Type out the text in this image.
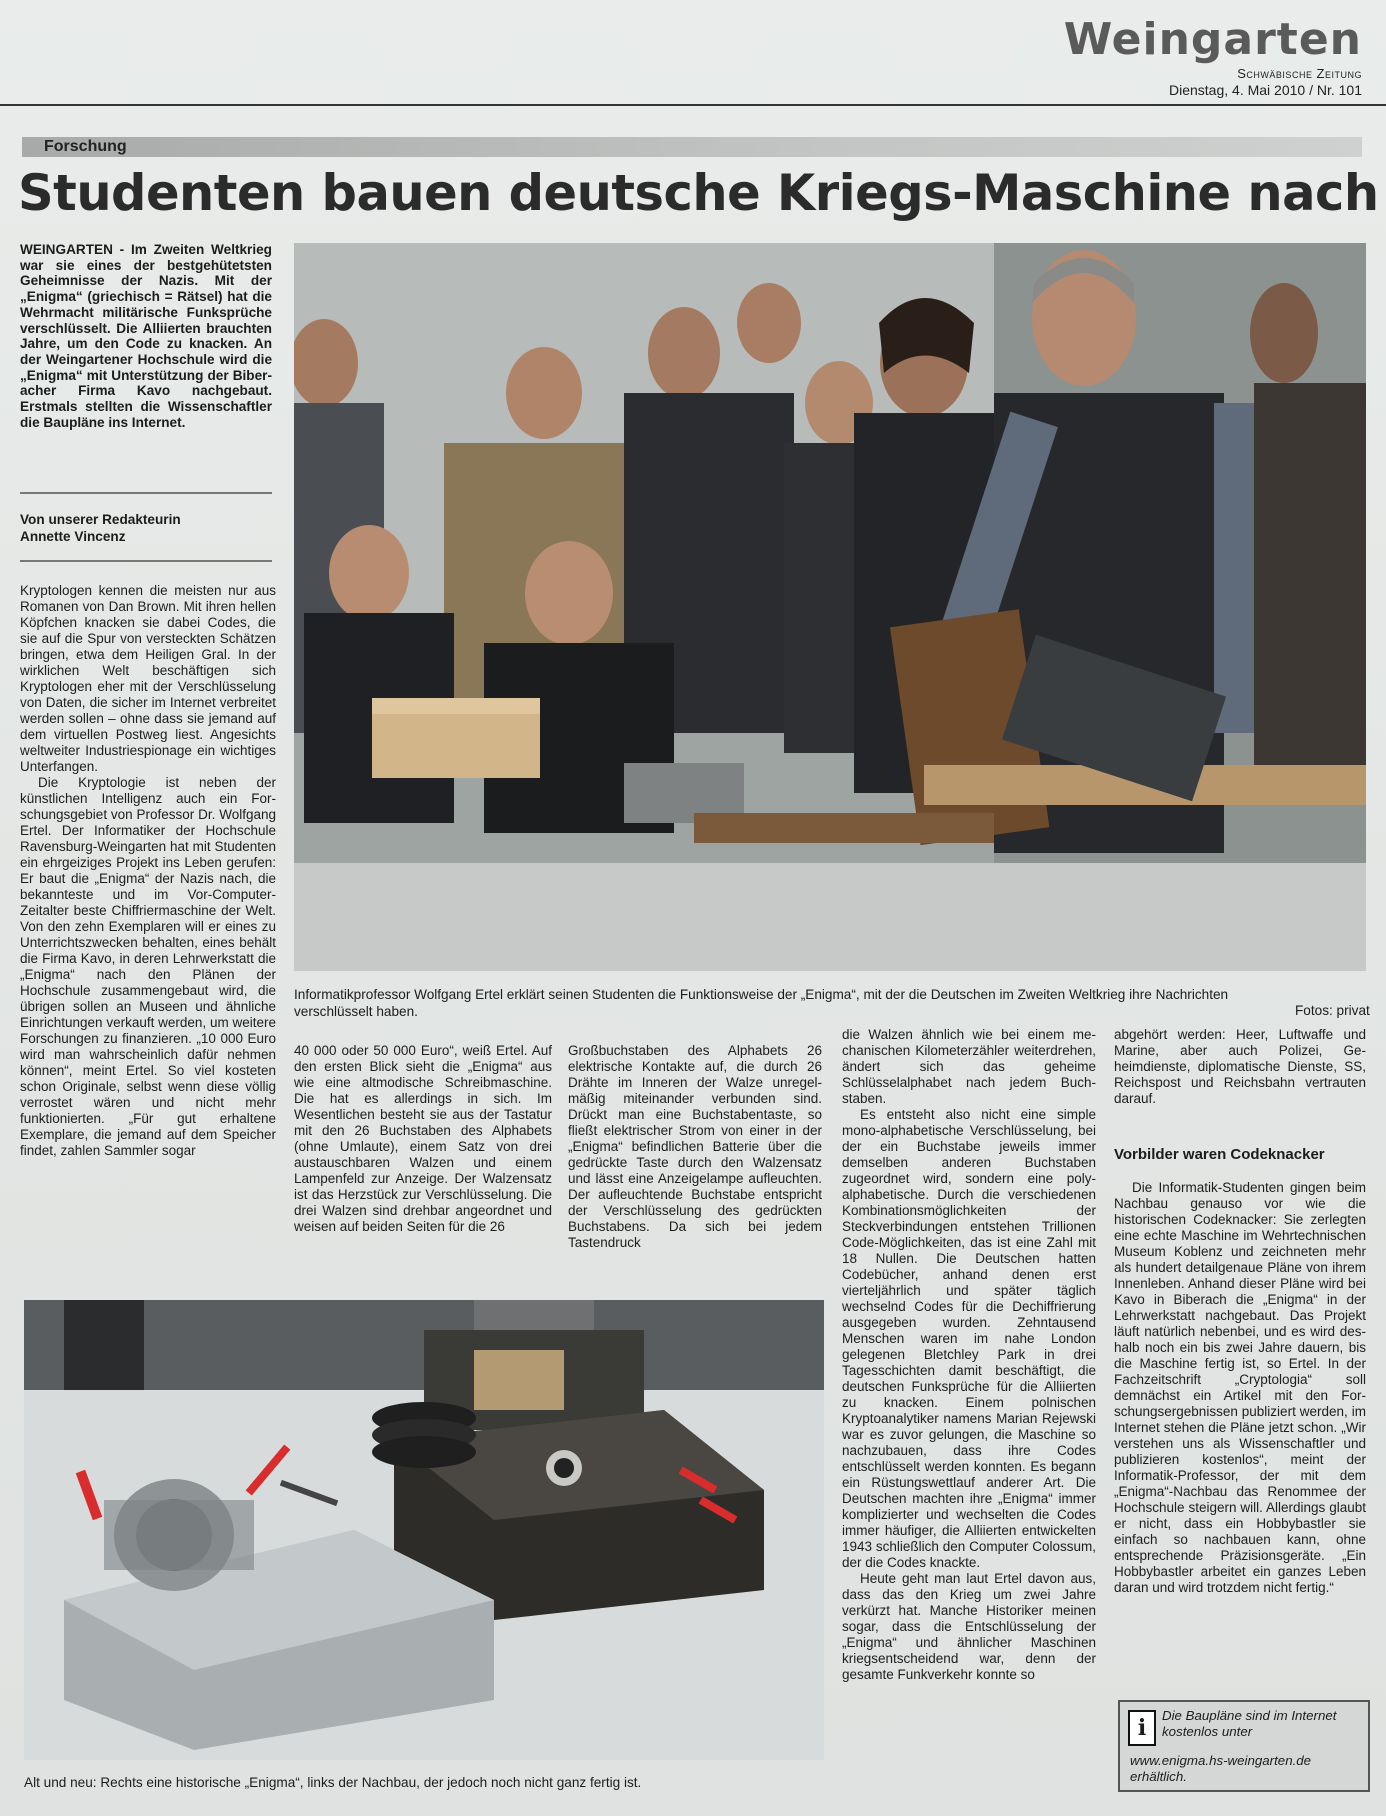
Weingarten
Schwäbische Zeitung
Dienstag, 4. Mai 2010 / Nr. 101
Forschung
Studenten bauen deutsche Kriegs-Maschine nach
WEINGARTEN - Im Zweiten Weltkrieg war sie eines der bestgehütetsten Geheimnisse der Nazis. Mit der „Enigma“ (griechisch = Rätsel) hat die Wehrmacht militärische Funksprüche verschlüsselt. Die Alliierten brauchten Jahre, um den Code zu knacken. An der Weingartener Hochschule wird die „Enigma“ mit Unterstützung der Biberacher Firma Kavo nachgebaut. Erstmals stellten die Wissenschaftler die Baupläne ins Internet.
Von unserer Redakteurin
Annette Vincenz

Kryptologen kennen die meisten nur aus Romanen von Dan Brown. Mit ihren hellen Köpfchen knacken sie dabei Codes, die sie auf die Spur von versteckten Schätzen bringen, etwa dem Heiligen Gral. In der wirklichen Welt beschäftigen sich Kryptologen eher mit der Verschlüsselung von Daten, die sicher im Internet verbreitet werden sollen – ohne dass sie jemand auf dem virtuellen Postweg liest. Angesichts weltweiter Industriespionage ein wichtiges Unterfangen.

Die Kryptologie ist neben der künstlichen Intelligenz auch ein Forschungsgebiet von Professor Dr. Wolfgang Ertel. Der Informatiker der Hochschule Ravensburg-Weingarten hat mit Studenten ein ehrgeiziges Projekt ins Leben gerufen: Er baut die „Enigma“ der Nazis nach, die bekannteste und im Vor-Computer-Zeitalter beste Chiffriermaschine der Welt. Von den zehn Exemplaren will er eines zu Unterrichtszwecken behalten, eines behält die Firma Kavo, in deren Lehrwerkstatt die „Enigma“ nach den Plänen der Hochschule zusammengebaut wird, die übrigen sollen an Museen und ähnliche Einrichtungen verkauft werden, um weitere Forschungen zu finanzieren. „10 000 Euro wird man wahrscheinlich dafür nehmen können“, meint Ertel. So viel kosteten schon Originale, selbst wenn diese völlig verrostet wären und nicht mehr funktionierten. „Für gut erhaltene Exemplare, die jemand auf dem Speicher findet, zahlen Sammler sogar

Informatikprofessor Wolfgang Ertel erklärt seinen Studenten die Funktionsweise der „Enigma“, mit der die Deutschen im Zweiten Weltkrieg ihre Nachrichten verschlüsselt haben.	Fotos: privat

40 000 oder 50 000 Euro“, weiß Ertel. Auf den ersten Blick sieht die „Enigma“ aus wie eine altmodische Schreibmaschine. Die hat es allerdings in sich. Im Wesentlichen besteht sie aus der Tastatur mit den 26 Buchstaben des Alphabets (ohne Umlaute), einem Satz von drei austauschbaren Walzen und einem Lampenfeld zur Anzeige. Der Walzensatz ist das Herzstück zur Verschlüsselung. Die drei Walzen sind drehbar angeordnet und weisen auf beiden Seiten für die 26

Großbuchstaben des Alphabets 26 elektrische Kontakte auf, die durch 26 Drähte im Inneren der Walze unregelmäßig miteinander verbunden sind. Drückt man eine Buchstabentaste, so fließt elektrischer Strom von einer in der „Enigma“ befindlichen Batterie über die gedrückte Taste durch den Walzensatz und lässt eine Anzeigelampe aufleuchten. Der aufleuchtende Buchstabe entspricht der Verschlüsselung des gedrückten Buchstabens. Da sich bei jedem Tastendruck

die Walzen ähnlich wie bei einem mechanischen Kilometerzähler weiterdrehen, ändert sich das geheime Schlüsselalphabet nach jedem Buchstaben.

Es entsteht also nicht eine simple mono-alphabetische Verschlüsselung, bei der ein Buchstabe jeweils immer demselben anderen Buchstaben zugeordnet wird, sondern eine polyalphabetische. Durch die verschiedenen Kombinationsmöglichkeiten der Steckverbindungen entstehen Trillionen Code-Möglichkeiten, das ist eine Zahl mit 18 Nullen. Die Deutschen hatten Codebücher, anhand denen erst vierteljährlich und später täglich wechselnd Codes für die Dechiffrierung ausgegeben wurden. Zehntausend Menschen waren im nahe London gelegenen Bletchley Park in drei Tagesschichten damit beschäftigt, die deutschen Funksprüche für die Alliierten zu knacken. Einem polnischen Kryptoanalytiker namens Marian Rejewski war es zuvor gelungen, die Maschine so nachzubauen, dass ihre Codes entschlüsselt werden konnten. Es begann ein Rüstungswettlauf anderer Art. Die Deutschen machten ihre „Enigma“ immer komplizierter und wechselten die Codes immer häufiger, die Alliierten entwickelten 1943 schließlich den Computer Colossum, der die Codes knackte.

Heute geht man laut Ertel davon aus, dass das den Krieg um zwei Jahre verkürzt hat. Manche Historiker meinen sogar, dass die Entschlüsselung der „Enigma“ und ähnlicher Maschinen kriegsentscheidend war, denn der gesamte Funkverkehr konnte so

abgehört werden: Heer, Luftwaffe und Marine, aber auch Polizei, Geheimdienste, diplomatische Dienste, SS, Reichspost und Reichsbahn vertrauten darauf.

Vorbilder waren Codeknacker

Die Informatik-Studenten gingen beim Nachbau genauso vor wie die historischen Codeknacker: Sie zerlegten eine echte Maschine im Wehrtechnischen Museum Koblenz und zeichneten mehr als hundert detailgenaue Pläne von ihrem Innenleben. Anhand dieser Pläne wird bei Kavo in Biberach die „Enigma“ in der Lehrwerkstatt nachgebaut. Das Projekt läuft natürlich nebenbei, und es wird deshalb noch ein bis zwei Jahre dauern, bis die Maschine fertig ist, so Ertel. In der Fachzeitschrift „Cryptologia“ soll demnächst ein Artikel mit den Forschungsergebnissen publiziert werden, im Internet stehen die Pläne jetzt schon. „Wir verstehen uns als Wissenschaftler und publizieren kostenlos“, meint der Informatik-Professor, der mit dem „Enigma“-Nachbau das Renommee der Hochschule steigern will. Allerdings glaubt er nicht, dass ein Hobbybastler sie einfach so nachbauen kann, ohne entsprechende Präzisionsgeräte. „Ein Hobbybastler arbeitet ein ganzes Leben daran und wird trotzdem nicht fertig.“

Alt und neu: Rechts eine historische „Enigma“, links der Nachbau, der jedoch noch nicht ganz fertig ist.
i	Die Baupläne sind im Internet kostenlos unter
www.enigma.hs-weingarten.de erhältlich.
